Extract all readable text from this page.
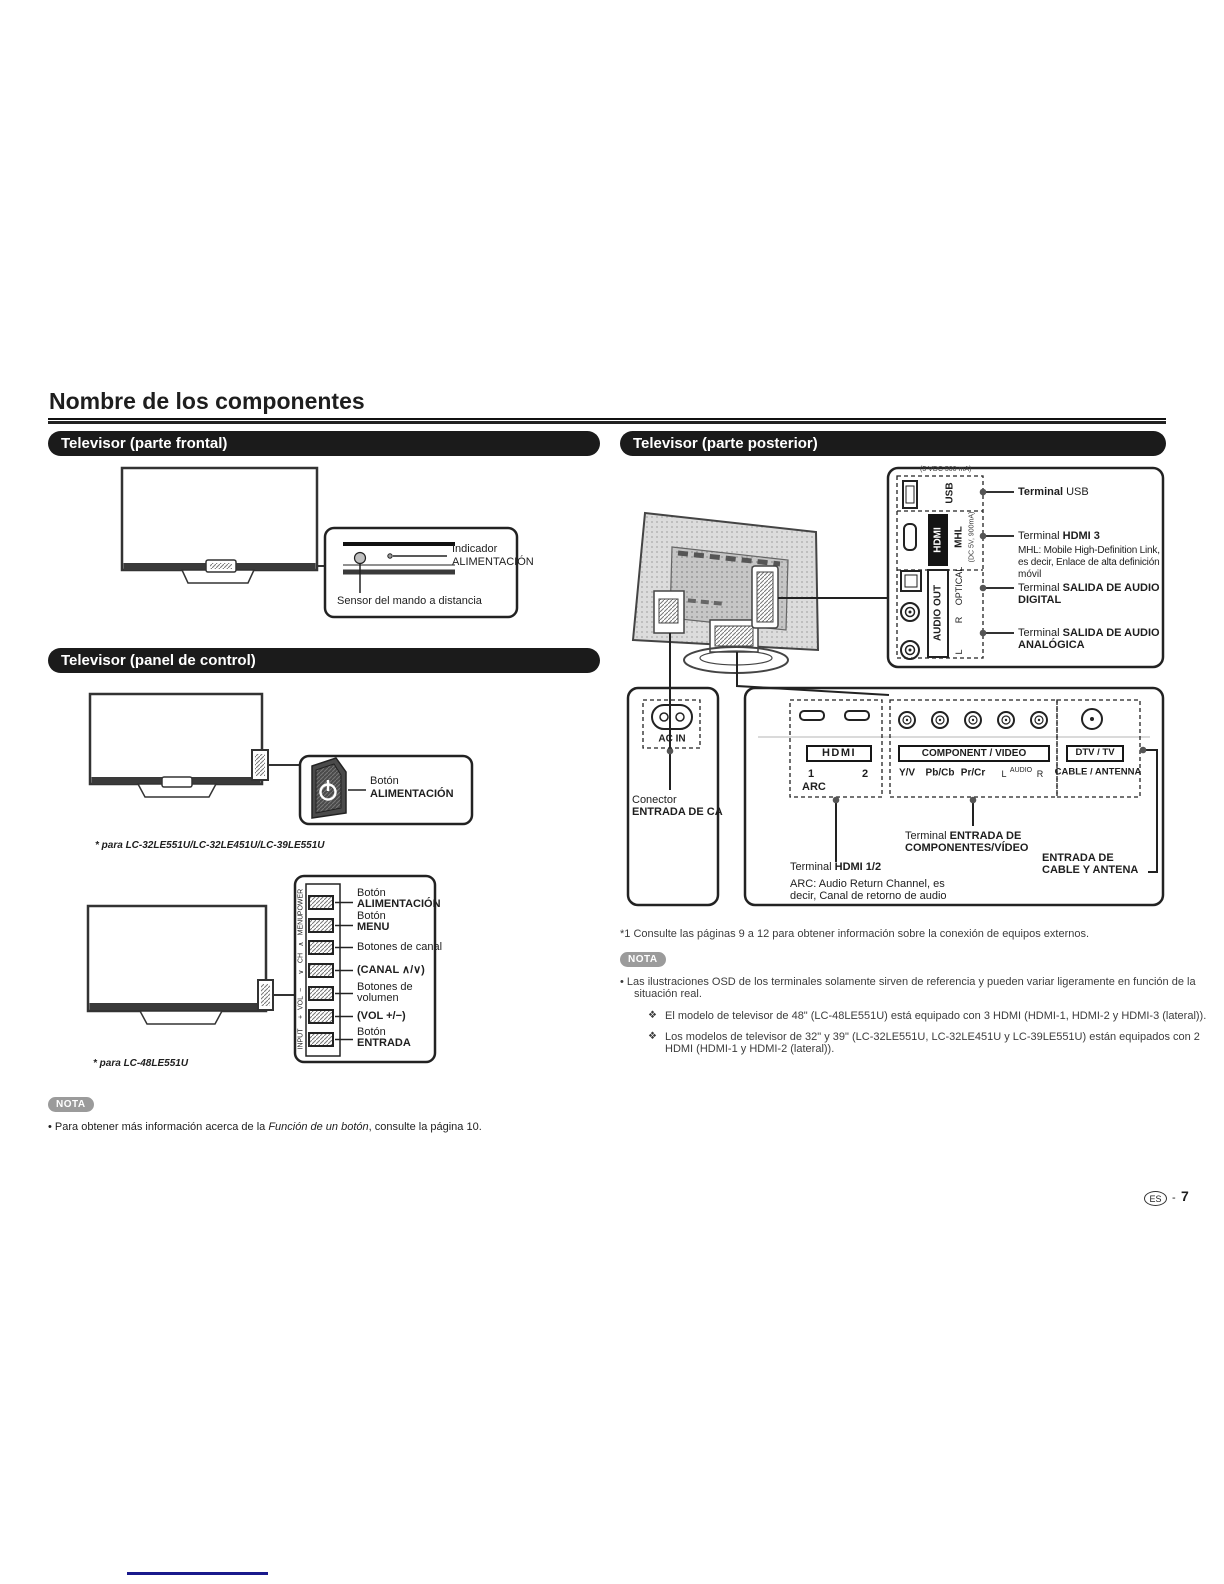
Nombre de los componentes
Televisor (parte frontal)	Televisor (parte posterior)
Televisor (panel de control)
Indicador
ALIMENTACIÓN
Sensor del mando a distancia
Botón
ALIMENTACIÓN
* para LC-32LE551U/LC-32LE451U/LC-39LE551U
POWER
MENU
∧
CH
∨
−
VOL
+
INPUT
Botón
ALIMENTACIÓN
Botón
MENU
Botones de canal
(CANAL ∧/∨)
Botones de
volumen
(VOL +/−)
Botón
ENTRADA
* para LC-48LE551U
NOTA
• Para obtener más información acerca de la Función de un botón, consulte la página 10.
(5 VDC 500 mA)
USB
HDMI MHL (DC 5V, 900mA)
OPTICAL
AUDIO OUT R
L
Terminal USB
Terminal HDMI 3
MHL: Mobile High-Definition Link,
es decir, Enlace de alta definición
móvil
Terminal SALIDA DE AUDIO
DIGITAL
Terminal SALIDA DE AUDIO
ANALÓGICA
AC IN
Conector
ENTRADA DE CA
HDMI
1	2
ARC
COMPONENT / VIDEO
Y/V Pb/Cb Pr/Cr L AUDIO R
DTV / TV
CABLE / ANTENNA
Terminal HDMI 1/2
ARC: Audio Return Channel, es
decir, Canal de retorno de audio
Terminal ENTRADA DE
COMPONENTES/VÍDEO
ENTRADA DE
CABLE Y ANTENA
*1 Consulte las páginas 9 a 12 para obtener información sobre la conexión de equipos externos.
NOTA
• Las ilustraciones OSD de los terminales solamente sirven de referencia y pueden variar ligeramente en función de la
situación real.
❖ El modelo de televisor de 48" (LC-48LE551U) está equipado con 3 HDMI (HDMI-1, HDMI-2 y HDMI-3 (lateral)).
❖ Los modelos de televisor de 32" y 39" (LC-32LE551U, LC-32LE451U y LC-39LE551U) están equipados con 2
HDMI (HDMI-1 y HDMI-2 (lateral)).
ES - 7
